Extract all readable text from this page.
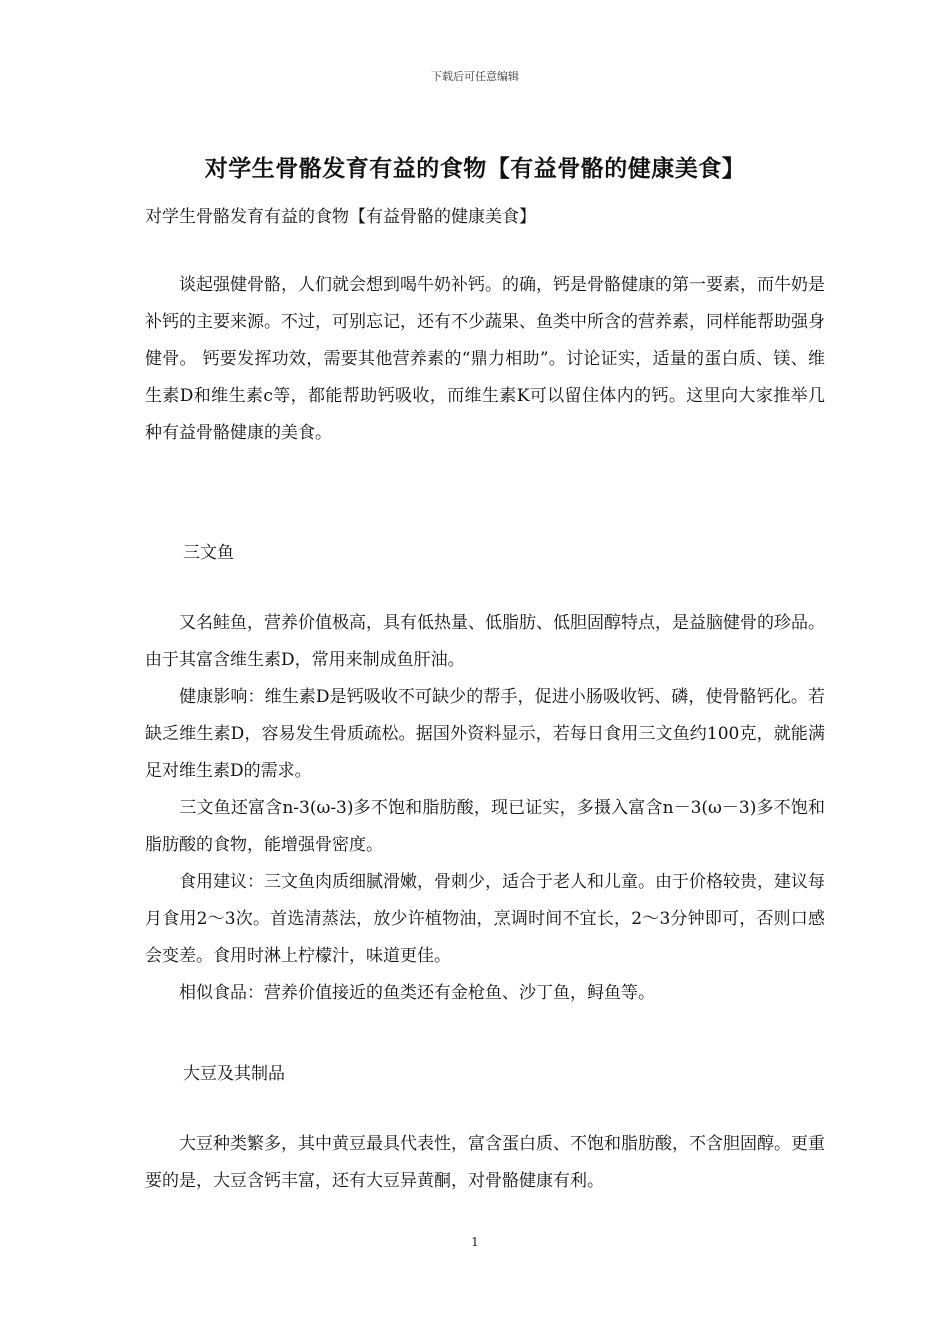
下载后可任意编辑
对学生骨骼发育有益的食物【有益骨骼的健康美食】
对学生骨骼发育有益的食物【有益骨骼的健康美食】

　　谈起强健骨骼，人们就会想到喝牛奶补钙。的确，钙是骨骼健康的第一要素，而牛奶是补钙的主要来源。不过，可别忘记，还有不少蔬果、鱼类中所含的营养素，同样能帮助强身健骨。 钙要发挥功效，需要其他营养素的“鼎力相助”。讨论证实，适量的蛋白质、镁、维生素D和维生素c等，都能帮助钙吸收，而维生素K可以留住体内的钙。这里向大家推举几种有益骨骼健康的美食。

三文鱼

　　又名鲑鱼，营养价值极高，具有低热量、低脂肪、低胆固醇特点，是益脑健骨的珍品。由于其富含维生素D，常用来制成鱼肝油。

　　健康影响：维生素D是钙吸收不可缺少的帮手，促进小肠吸收钙、磷，使骨骼钙化。若缺乏维生素D，容易发生骨质疏松。据国外资料显示，若每日食用三文鱼约100克，就能满足对维生素D的需求。

　　三文鱼还富含n-3(ω-3)多不饱和脂肪酸，现已证实，多摄入富含n－3(ω－3)多不饱和脂肪酸的食物，能增强骨密度。

　　食用建议：三文鱼肉质细腻滑嫩，骨刺少，适合于老人和儿童。由于价格较贵，建议每月食用2～3次。首选清蒸法，放少许植物油，烹调时间不宜长，2～3分钟即可，否则口感会变差。食用时淋上柠檬汁，味道更佳。

　　相似食品：营养价值接近的鱼类还有金枪鱼、沙丁鱼，鲟鱼等。

大豆及其制品

　　大豆种类繁多，其中黄豆最具代表性，富含蛋白质、不饱和脂肪酸，不含胆固醇。更重要的是，大豆含钙丰富，还有大豆异黄酮，对骨骼健康有利。

1
